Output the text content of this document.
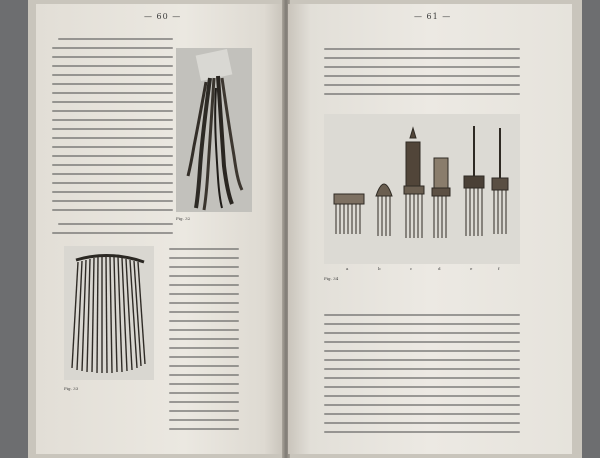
— 60 —
Fig. 32
Fig. 33
— 61 —
a	b	c	d	e	f
Fig. 34
